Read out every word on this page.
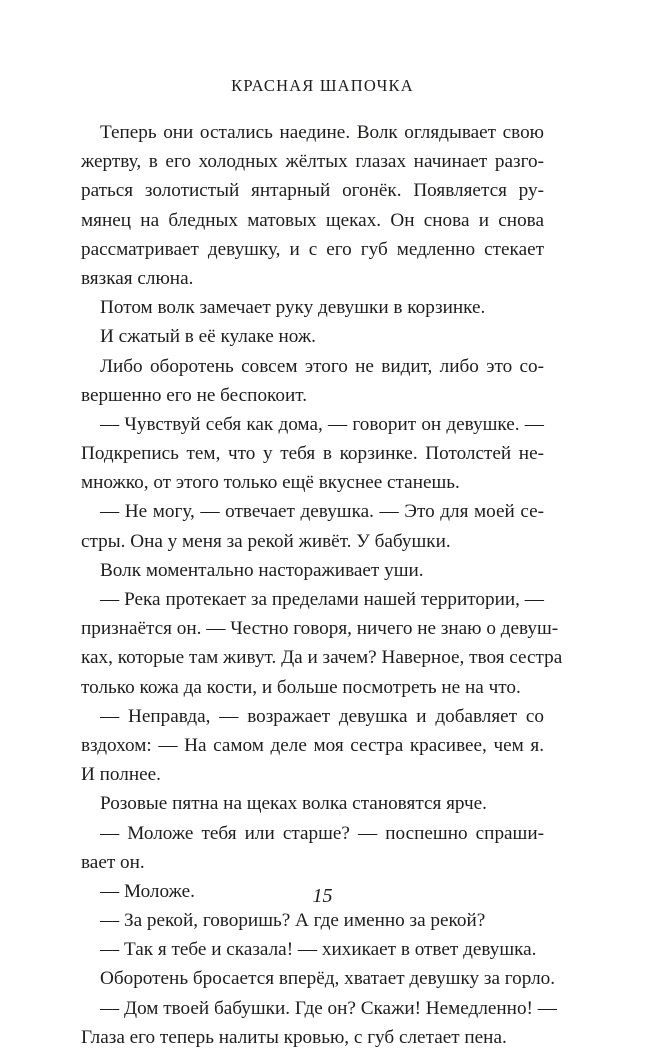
КРАСНАЯ ШАПОЧКА
Теперь они остались наедине. Волк оглядывает свою
жертву, в его холодных жёлтых глазах начинает разго-
раться золотистый янтарный огонёк. Появляется ру-
мянец на бледных матовых щеках. Он снова и снова
рассматривает девушку, и с его губ медленно стекает
вязкая слюна.
Потом волк замечает руку девушки в корзинке.
И сжатый в её кулаке нож.
Либо оборотень совсем этого не видит, либо это со-
вершенно его не беспокоит.
— Чувствуй себя как дома, — говорит он девушке. —
Подкрепись тем, что у тебя в корзинке. Потолстей не-
множко, от этого только ещё вкуснее станешь.
— Не могу, — отвечает девушка. — Это для моей се-
стры. Она у меня за рекой живёт. У бабушки.
Волк моментально настораживает уши.
— Река протекает за пределами нашей территории, —
признаётся он. — Честно говоря, ничего не знаю о девуш-
ках, которые там живут. Да и зачем? Наверное, твоя сестра
только кожа да кости, и больше посмотреть не на что.
— Неправда, — возражает девушка и добавляет со
вздохом: — На самом деле моя сестра красивее, чем я.
И полнее.
Розовые пятна на щеках волка становятся ярче.
— Моложе тебя или старше? — поспешно спраши-
вает он.
— Моложе.
— За рекой, говоришь? А где именно за рекой?
— Так я тебе и сказала! — хихикает в ответ девушка.
Оборотень бросается вперёд, хватает девушку за горло.
— Дом твоей бабушки. Где он? Скажи! Немедленно! —
Глаза его теперь налиты кровью, с губ слетает пена.
15
